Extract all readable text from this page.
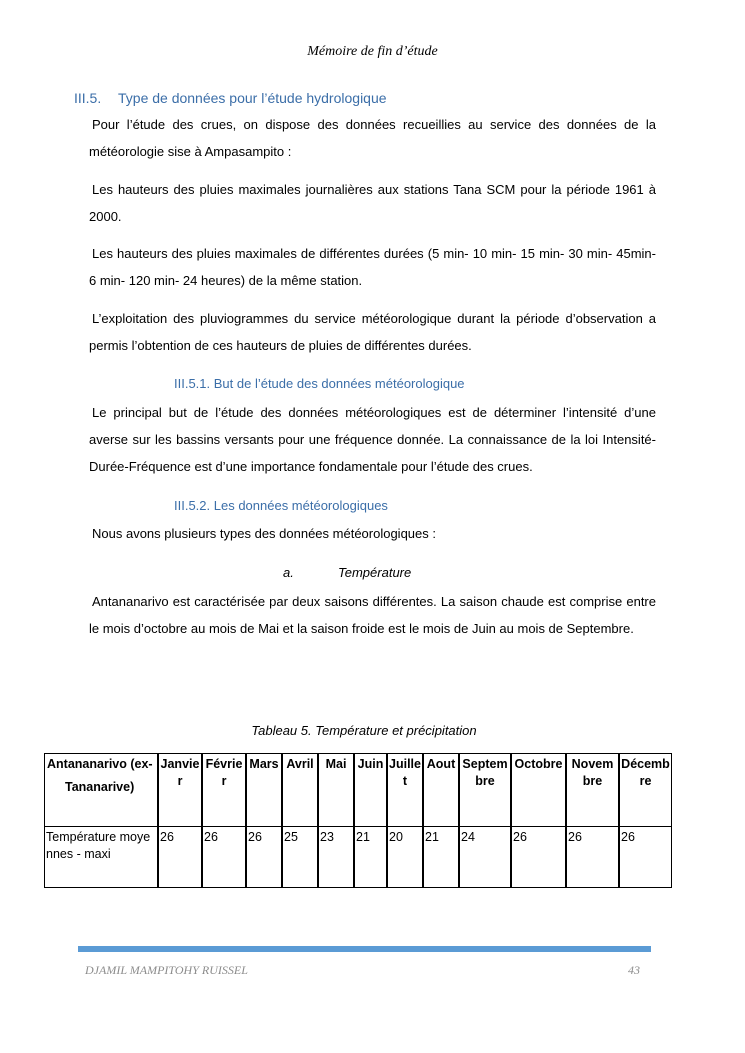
Mémoire de fin d’étude
III.5. Type de données pour l’étude hydrologique
Pour l’étude des crues, on dispose des données recueillies au service des données de la météorologie sise à Ampasampito :
Les hauteurs des pluies maximales journalières aux stations Tana SCM pour la période 1961 à 2000.
Les hauteurs des pluies maximales de différentes durées (5 min- 10 min- 15 min- 30 min- 45min- 6 min- 120 min- 24 heures) de la même station.
L’exploitation des pluviogrammes du service météorologique durant la période d’observation a permis l’obtention de ces hauteurs de pluies de différentes durées.
III.5.1. But de l’étude des données météorologique
Le principal but de l’étude des données météorologiques est de déterminer l’intensité d’une averse sur les bassins versants pour une fréquence donnée. La connaissance de la loi Intensité-Durée-Fréquence est d’une importance fondamentale pour l’étude des crues.
III.5.2. Les données météorologiques
Nous avons plusieurs types des données météorologiques :
a.	Température
Antananarivo est caractérisée par deux saisons différentes. La saison chaude est comprise entre le mois d’octobre au mois de Mai et la saison froide est le mois de Juin au mois de Septembre.
Tableau 5. Température et précipitation
Antananarivo (ex-
Tananarive)	Janvier	Février	Mars	Avril	Mai	Juin	Juillet	Aout	Septembre	Octobre	Novembre	Décembre
Température moyennes - maxi	26	26	26	25	23	21	20	21	24	26	26	26
DJAMIL MAMPITOHY RUISSEL	43
